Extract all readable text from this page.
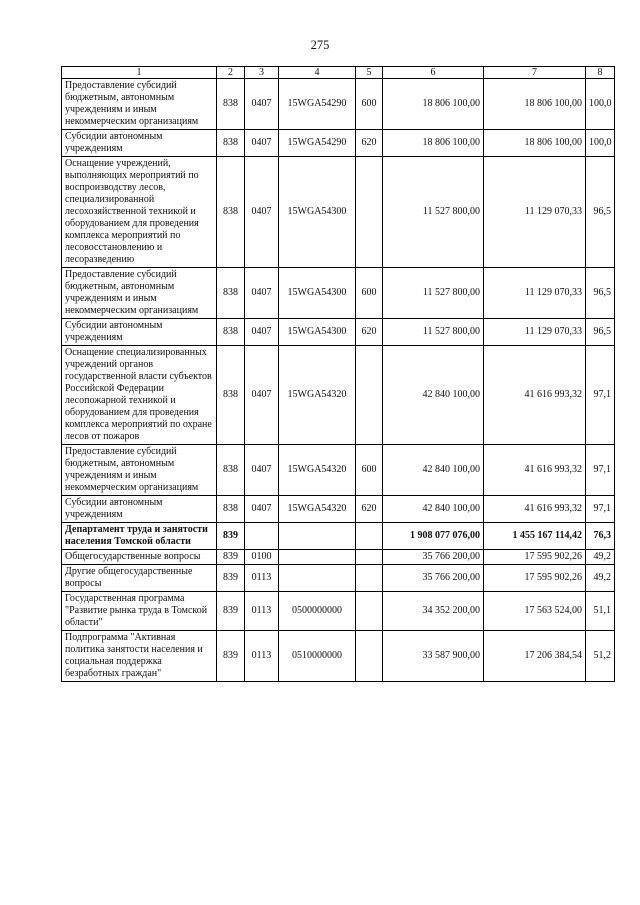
275
1	2	3	4	5	6	7	8
Предоставление субсидий бюджетным, автономным учреждениям и иным некоммерческим организациям	838	0407	15WGA54290	600	18 806 100,00	18 806 100,00	100,0
Субсидии автономным учреждениям	838	0407	15WGA54290	620	18 806 100,00	18 806 100,00	100,0
Оснащение учреждений, выполняющих мероприятий по воспроизводству лесов, специализированной лесохозяйственной техникой и оборудованием для проведения комплекса мероприятий по лесовосстановлению и лесоразведению	838	0407	15WGA54300		11 527 800,00	11 129 070,33	96,5
Предоставление субсидий бюджетным, автономным учреждениям и иным некоммерческим организациям	838	0407	15WGA54300	600	11 527 800,00	11 129 070,33	96,5
Субсидии автономным учреждениям	838	0407	15WGA54300	620	11 527 800,00	11 129 070,33	96,5
Оснащение специализированных учреждений органов государственной власти субъектов Российской Федерации лесопожарной техникой и оборудованием для проведения комплекса мероприятий по охране лесов от пожаров	838	0407	15WGA54320		42 840 100,00	41 616 993,32	97,1
Предоставление субсидий бюджетным, автономным учреждениям и иным некоммерческим организациям	838	0407	15WGA54320	600	42 840 100,00	41 616 993,32	97,1
Субсидии автономным учреждениям	838	0407	15WGA54320	620	42 840 100,00	41 616 993,32	97,1
Департамент труда и занятости населения Томской области	839				1 908 077 076,00	1 455 167 114,42	76,3
Общегосударственные вопросы	839	0100			35 766 200,00	17 595 902,26	49,2
Другие общегосударственные вопросы	839	0113			35 766 200,00	17 595 902,26	49,2
Государственная программа "Развитие рынка труда в Томской области"	839	0113	0500000000		34 352 200,00	17 563 524,00	51,1
Подпрограмма "Активная политика занятости населения и социальная поддержка безработных граждан"	839	0113	0510000000		33 587 900,00	17 206 384,54	51,2
